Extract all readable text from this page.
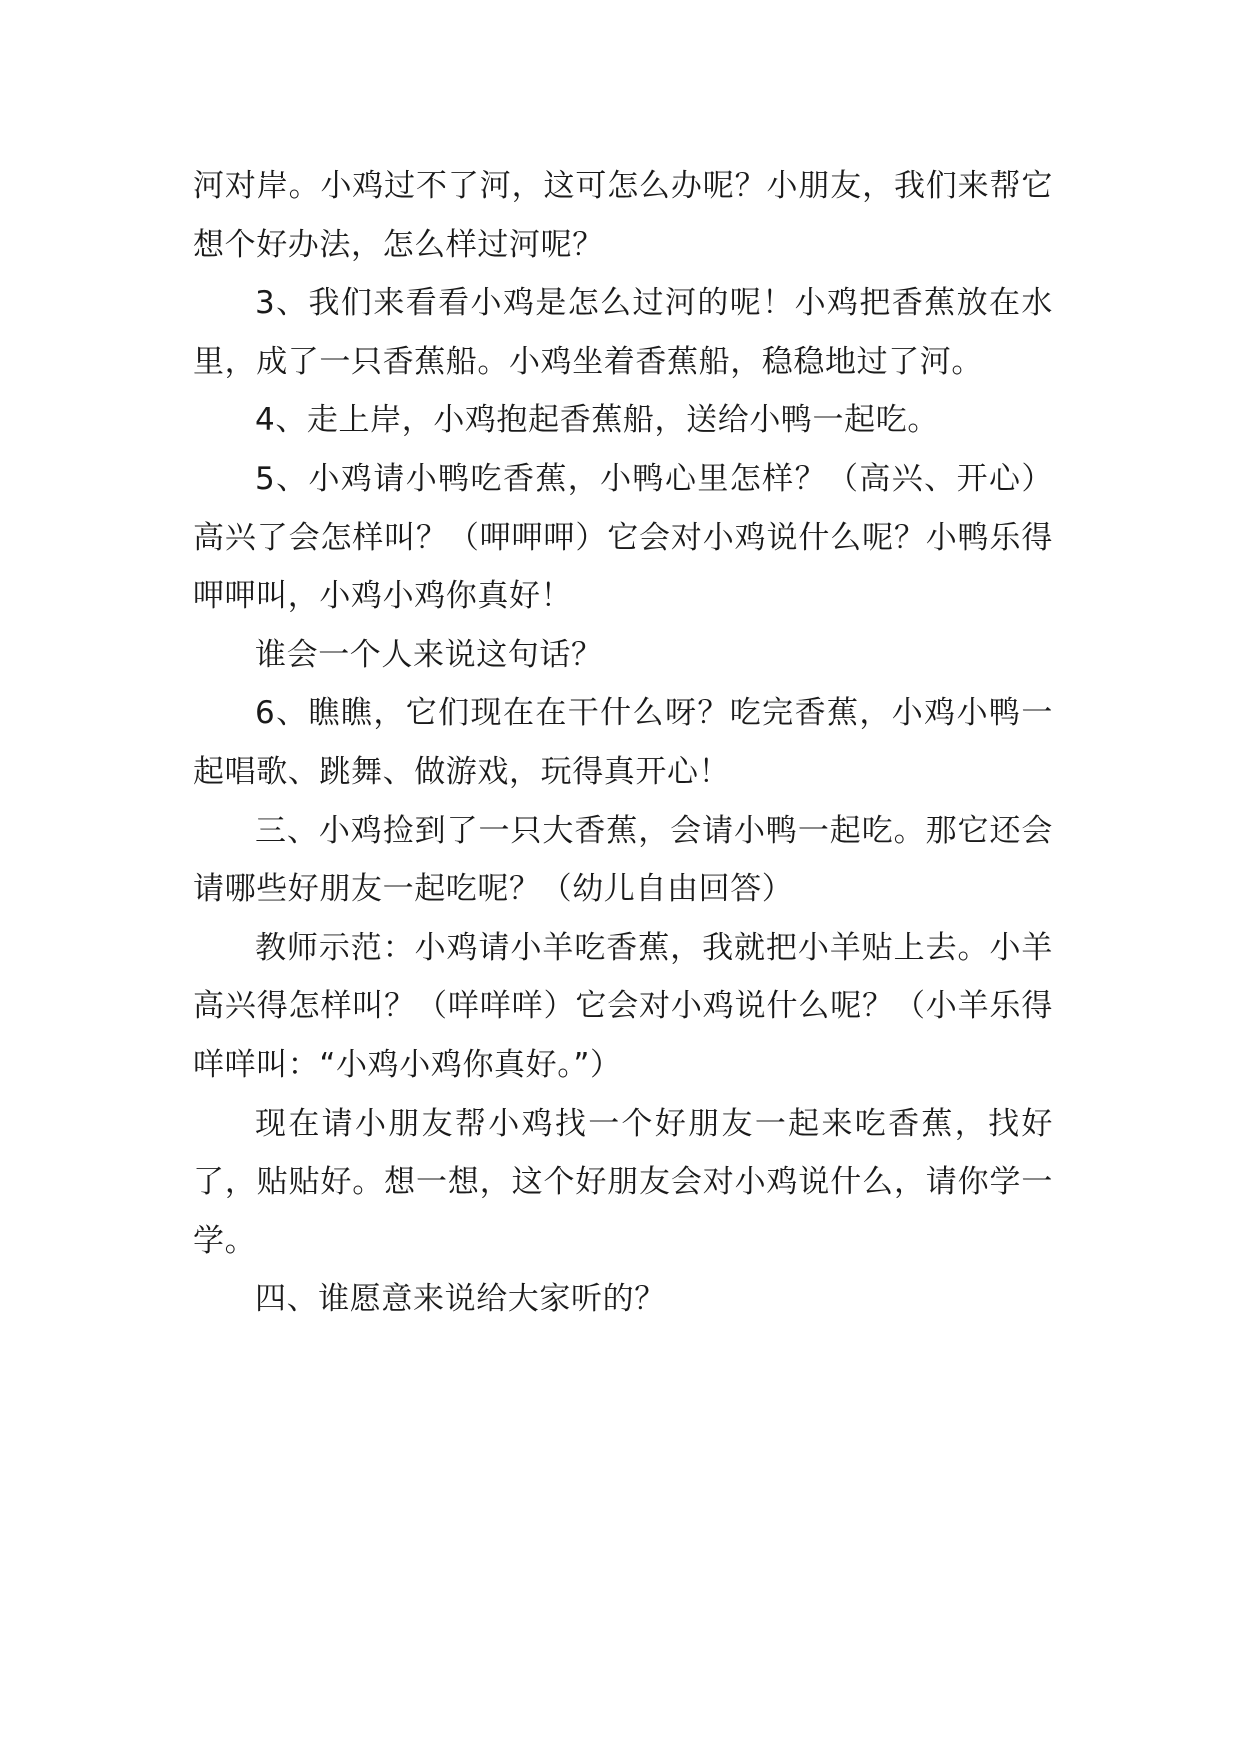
河对岸。小鸡过不了河，这可怎么办呢？小朋友，我们来帮它想个好办法，怎么样过河呢？

3、我们来看看小鸡是怎么过河的呢！小鸡把香蕉放在水里，成了一只香蕉船。小鸡坐着香蕉船，稳稳地过了河。

4、走上岸，小鸡抱起香蕉船，送给小鸭一起吃。

5、小鸡请小鸭吃香蕉，小鸭心里怎样？（高兴、开心）高兴了会怎样叫？（呷呷呷）它会对小鸡说什么呢？小鸭乐得呷呷叫，小鸡小鸡你真好！

谁会一个人来说这句话？

6、瞧瞧，它们现在在干什么呀？吃完香蕉，小鸡小鸭一起唱歌、跳舞、做游戏，玩得真开心！

三、小鸡捡到了一只大香蕉，会请小鸭一起吃。那它还会请哪些好朋友一起吃呢？（幼儿自由回答）

教师示范：小鸡请小羊吃香蕉，我就把小羊贴上去。小羊高兴得怎样叫？（咩咩咩）它会对小鸡说什么呢？（小羊乐得咩咩叫：“小鸡小鸡你真好。”）

现在请小朋友帮小鸡找一个好朋友一起来吃香蕉，找好了，贴贴好。想一想，这个好朋友会对小鸡说什么，请你学一学。

四、谁愿意来说给大家听的？
